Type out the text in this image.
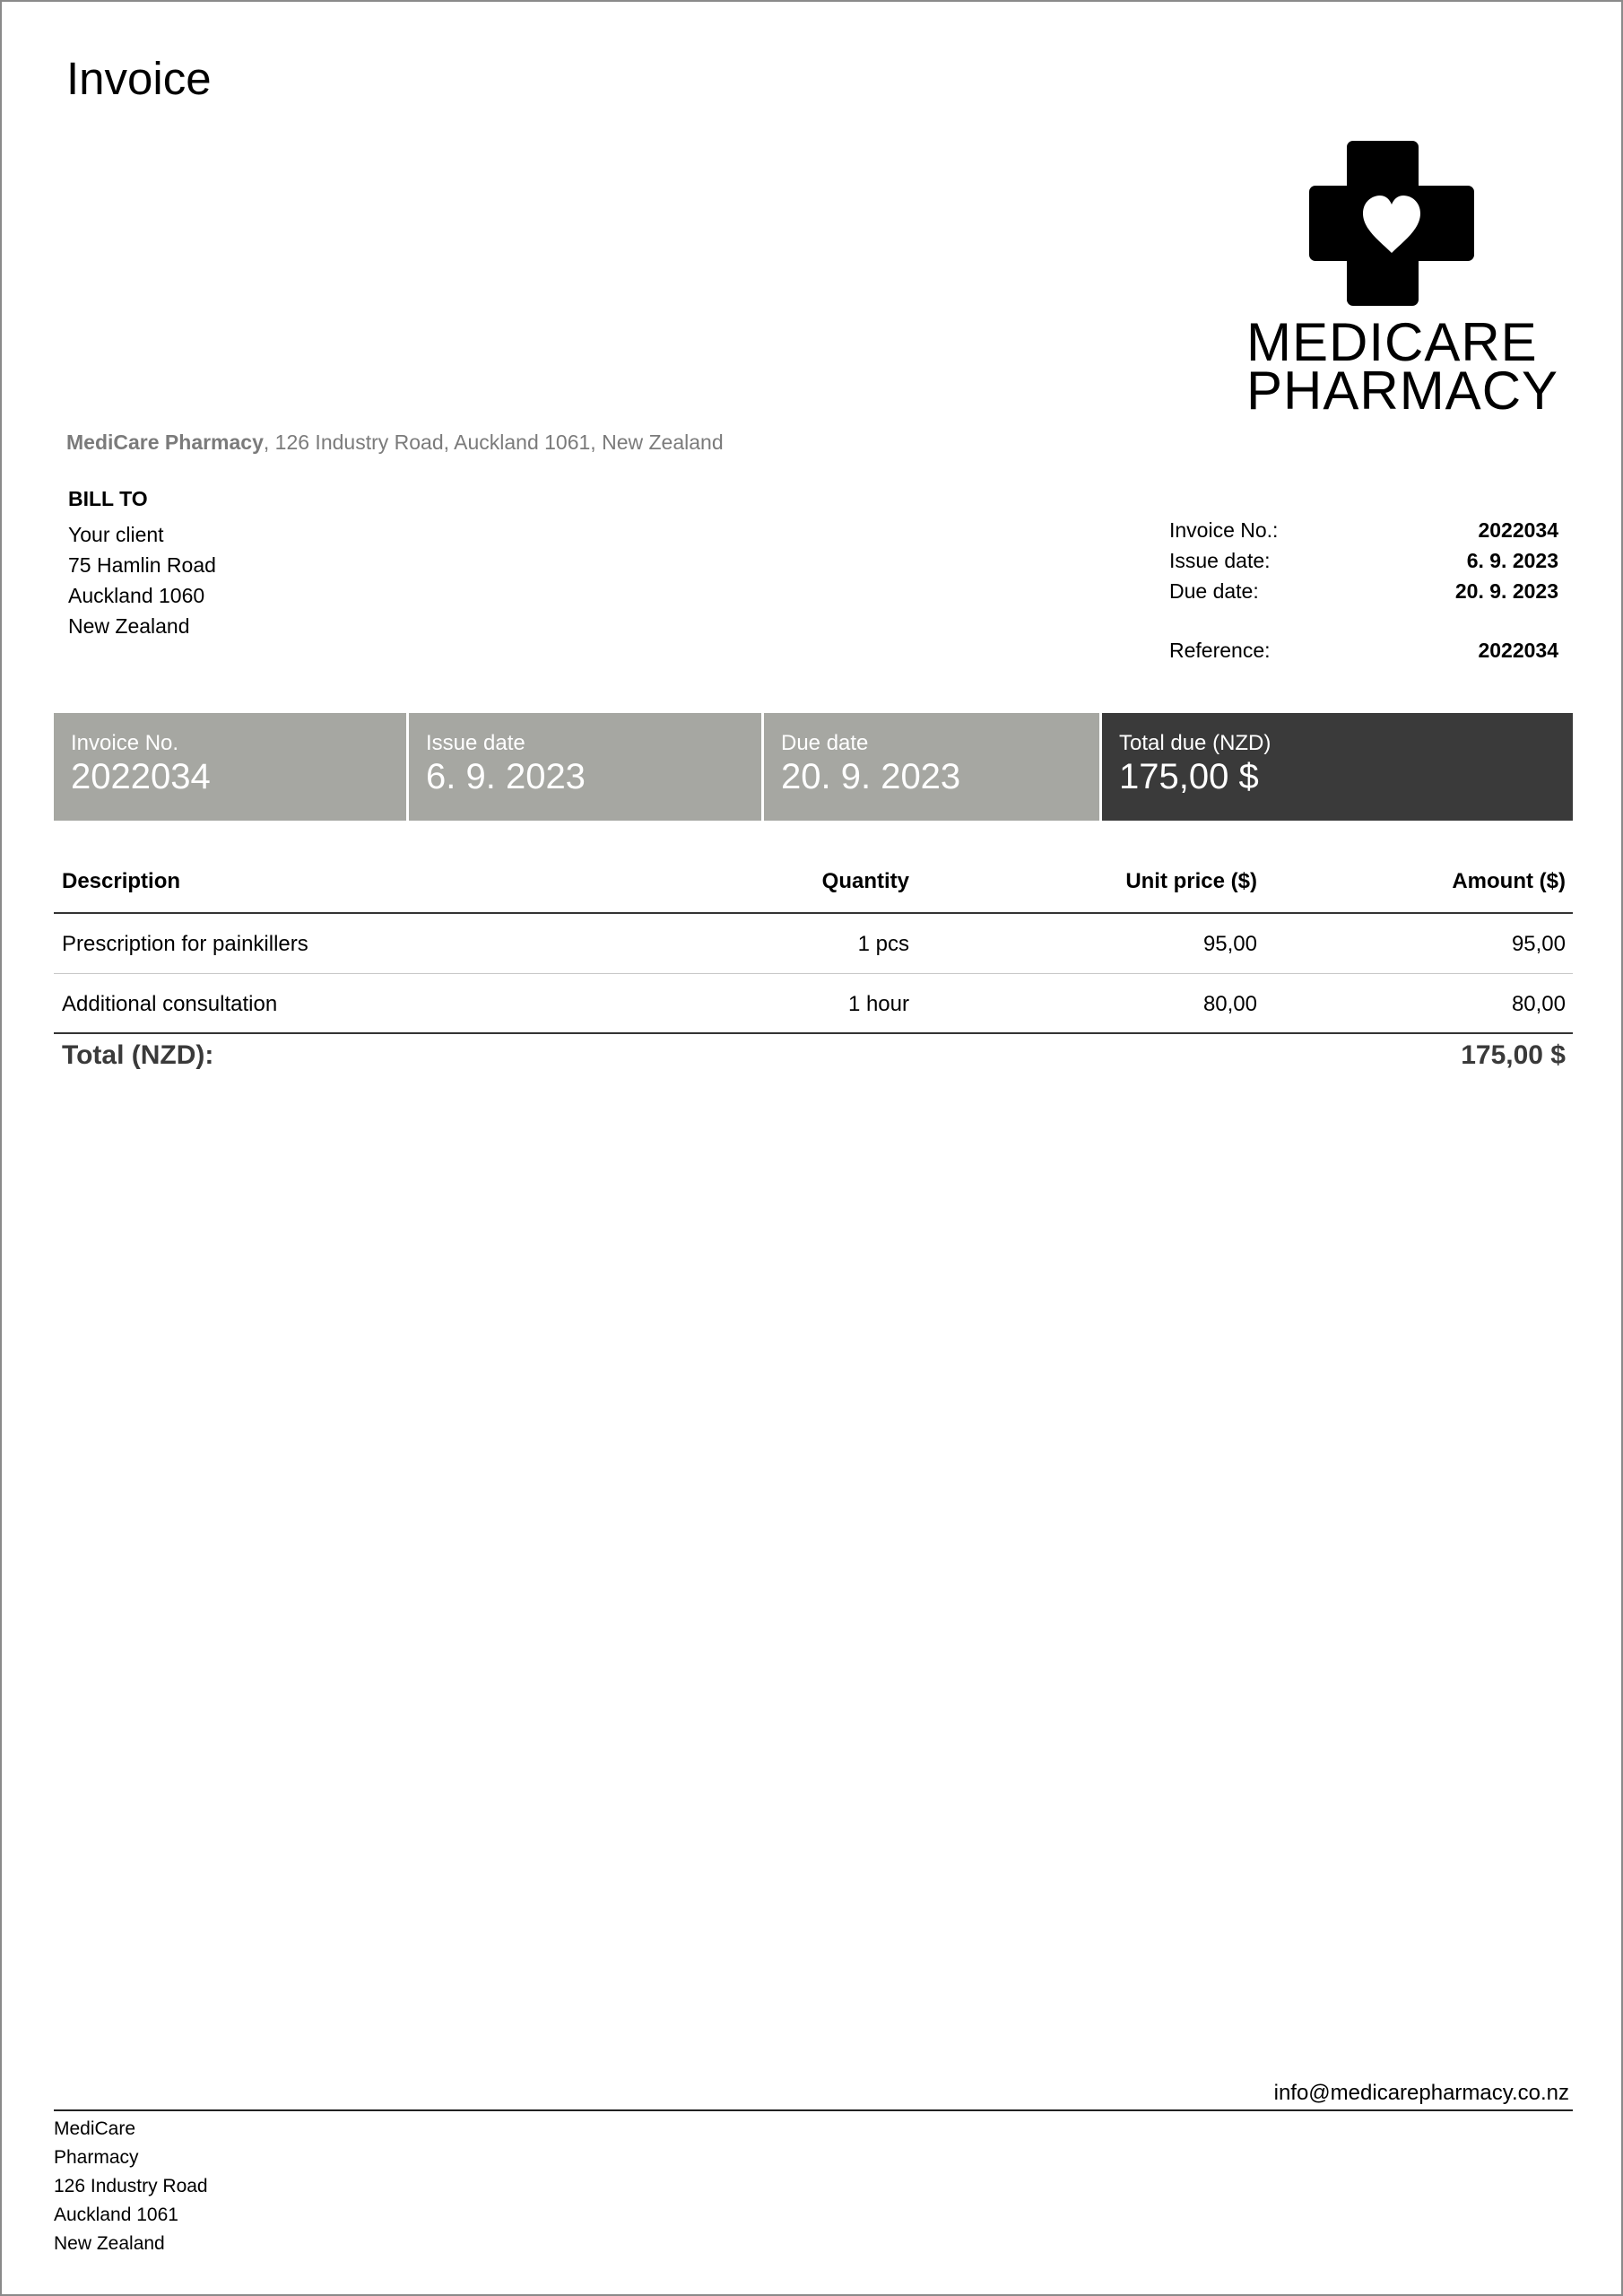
Invoice
MEDICARE
PHARMACY
MediCare Pharmacy, 126 Industry Road, Auckland 1061, New Zealand
BILL TO
Your client
75 Hamlin Road
Auckland 1060
New Zealand
Invoice No.:	2022034
Issue date:	6. 9. 2023
Due date:	20. 9. 2023
Reference:	2022034
Invoice No.
2022034
Issue date
6. 9. 2023
Due date
20. 9. 2023
Total due (NZD)
175,00 $
Description	Quantity	Unit price ($)	Amount ($)
Prescription for painkillers	1 pcs	95,00	95,00
Additional consultation	1 hour	80,00	80,00
Total (NZD):	175,00 $
info@medicarepharmacy.co.nz
MediCare
Pharmacy
126 Industry Road
Auckland 1061
New Zealand
